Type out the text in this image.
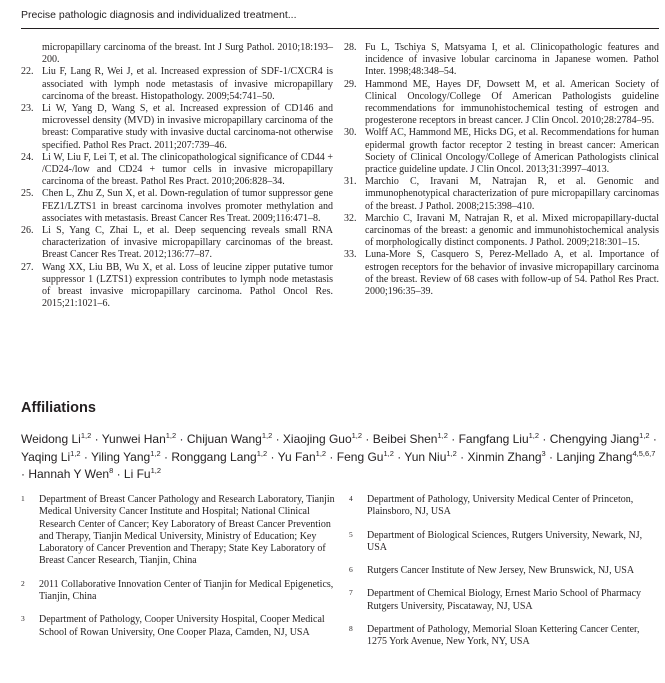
Precise pathologic diagnosis and individualized treatment...
micropapillary carcinoma of the breast. Int J Surg Pathol. 2010;18:193–200.
22. Liu F, Lang R, Wei J, et al. Increased expression of SDF-1/CXCR4 is associated with lymph node metastasis of invasive micropapillary carcinoma of the breast. Histopathology. 2009;54:741–50.
23. Li W, Yang D, Wang S, et al. Increased expression of CD146 and microvessel density (MVD) in invasive micropapillary carcinoma of the breast: Comparative study with invasive ductal carcinoma-not otherwise specified. Pathol Res Pract. 2011;207:739–46.
24. Li W, Liu F, Lei T, et al. The clinicopathological significance of CD44 + /CD24-/low and CD24 + tumor cells in invasive micropapillary carcinoma of the breast. Pathol Res Pract. 2010;206:828–34.
25. Chen L, Zhu Z, Sun X, et al. Down-regulation of tumor suppressor gene FEZ1/LZTS1 in breast carcinoma involves promoter methylation and associates with metastasis. Breast Cancer Res Treat. 2009;116:471–8.
26. Li S, Yang C, Zhai L, et al. Deep sequencing reveals small RNA characterization of invasive micropapillary carcinomas of the breast. Breast Cancer Res Treat. 2012;136:77–87.
27. Wang XX, Liu BB, Wu X, et al. Loss of leucine zipper putative tumor suppressor 1 (LZTS1) expression contributes to lymph node metastasis of breast invasive micropapillary carcinoma. Pathol Oncol Res. 2015;21:1021–6.
28. Fu L, Tschiya S, Matsyama I, et al. Clinicopathologic features and incidence of invasive lobular carcinoma in Japanese women. Pathol Inter. 1998;48:348–54.
29. Hammond ME, Hayes DF, Dowsett M, et al. American Society of Clinical Oncology/College Of American Pathologists guideline recommendations for immunohistochemical testing of estrogen and progesterone receptors in breast cancer. J Clin Oncol. 2010;28:2784–95.
30. Wolff AC, Hammond ME, Hicks DG, et al. Recommendations for human epidermal growth factor receptor 2 testing in breast cancer: American Society of Clinical Oncology/College of American Pathologists clinical practice guideline update. J Clin Oncol. 2013;31:3997–4013.
31. Marchio C, Iravani M, Natrajan R, et al. Genomic and immunophenotypical characterization of pure micropapillary carcinomas of the breast. J Pathol. 2008;215:398–410.
32. Marchio C, Iravani M, Natrajan R, et al. Mixed micropapillary-ductal carcinomas of the breast: a genomic and immunohistochemical analysis of morphologically distinct components. J Pathol. 2009;218:301–15.
33. Luna-More S, Casquero S, Perez-Mellado A, et al. Importance of estrogen receptors for the behavior of invasive micropapillary carcinoma of the breast. Review of 68 cases with follow-up of 54. Pathol Res Pract. 2000;196:35–39.
Affiliations
Weidong Li$^{1,2}$ · Yunwei Han$^{1,2}$ · Chijuan Wang$^{1,2}$ · Xiaojing Guo$^{1,2}$ · Beibei Shen$^{1,2}$ · Fangfang Liu$^{1,2}$ · Chengying Jiang$^{1,2}$ · Yaqing Li$^{1,2}$ · Yiling Yang$^{1,2}$ · Ronggang Lang$^{1,2}$ · Yu Fan$^{1,2}$ · Feng Gu$^{1,2}$ · Yun Niu$^{1,2}$ · Xinmin Zhang$^3$ · Lanjing Zhang$^{4,5,6,7}$ · Hannah Y Wen$^8$ · Li Fu$^{1,2}$
1	Department of Breast Cancer Pathology and Research Laboratory, Tianjin Medical University Cancer Institute and Hospital; National Clinical Research Center of Cancer; Key Laboratory of Breast Cancer Prevention and Therapy, Tianjin Medical University, Ministry of Education; Key Laboratory of Cancer Prevention and Therapy; State Key Laboratory of Breast Cancer Research, Tianjin, China
2	2011 Collaborative Innovation Center of Tianjin for Medical Epigenetics, Tianjin, China
3	Department of Pathology, Cooper University Hospital, Cooper Medical School of Rowan University, One Cooper Plaza, Camden, NJ, USA
4	Department of Pathology, University Medical Center of Princeton, Plainsboro, NJ, USA
5	Department of Biological Sciences, Rutgers University, Newark, NJ, USA
6	Rutgers Cancer Institute of New Jersey, New Brunswick, NJ, USA
7	Department of Chemical Biology, Ernest Mario School of Pharmacy Rutgers University, Piscataway, NJ, USA
8	Department of Pathology, Memorial Sloan Kettering Cancer Center, 1275 York Avenue, New York, NY, USA
